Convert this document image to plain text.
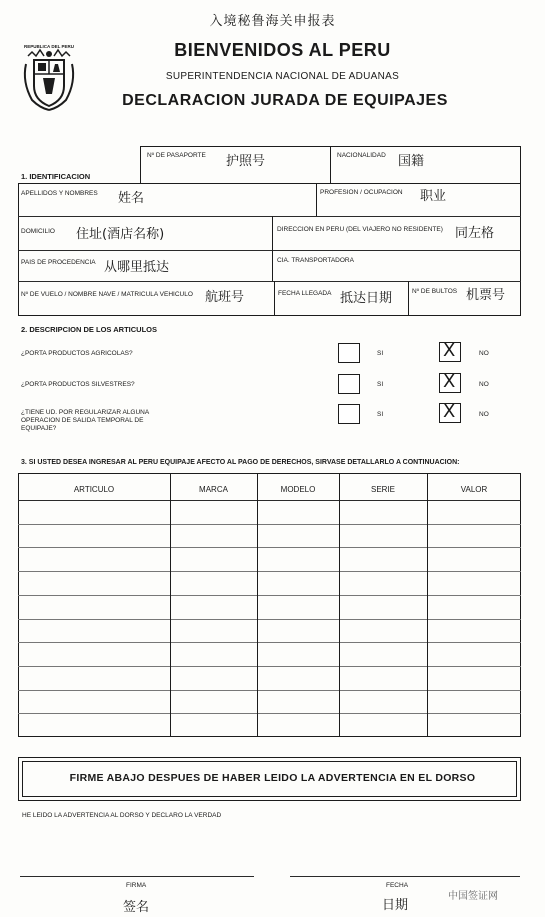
入境秘鲁海关申报表
REPUBLICA DEL PERU	BIENVENIDOS AL PERU
SUPERINTENDENCIA NACIONAL DE ADUANAS
DECLARACION JURADA DE EQUIPAJES
1. IDENTIFICACION
Nº DE PASAPORTE 护照号	NACIONALIDAD 国籍
APELLIDOS Y NOMBRES 姓名	PROFESION / OCUPACION 职业
DOMICILIO 住址(酒店名称)	DIRECCION EN PERU (DEL VIAJERO NO RESIDENTE) 同左格
PAIS DE PROCEDENCIA 从哪里抵达	CIA. TRANSPORTADORA
Nº DE VUELO / NOMBRE NAVE / MATRICULA VEHICULO 航班号	FECHA LLEGADA 抵达日期	Nº DE BULTOS 机票号
2. DESCRIPCION DE LOS ARTICULOS
¿PORTA PRODUCTOS AGRICOLAS?	SI	X	NO
¿PORTA PRODUCTOS SILVESTRES?	SI	X	NO
¿TIENE UD. POR REGULARIZAR ALGUNA OPERACION DE SALIDA TEMPORAL DE EQUIPAJE?
SI	X	NO
3. SI USTED DESEA INGRESAR AL PERU EQUIPAJE AFECTO AL PAGO DE DERECHOS, SIRVASE DETALLARLO A CONTINUACION:
ARTICULO	MARCA	MODELO	SERIE	VALOR
FIRME ABAJO DESPUES DE HABER LEIDO LA ADVERTENCIA EN EL DORSO
HE LEIDO LA ADVERTENCIA AL DORSO Y DECLARO LA VERDAD
FIRMA
签名
FECHA
日期
中国签证网
